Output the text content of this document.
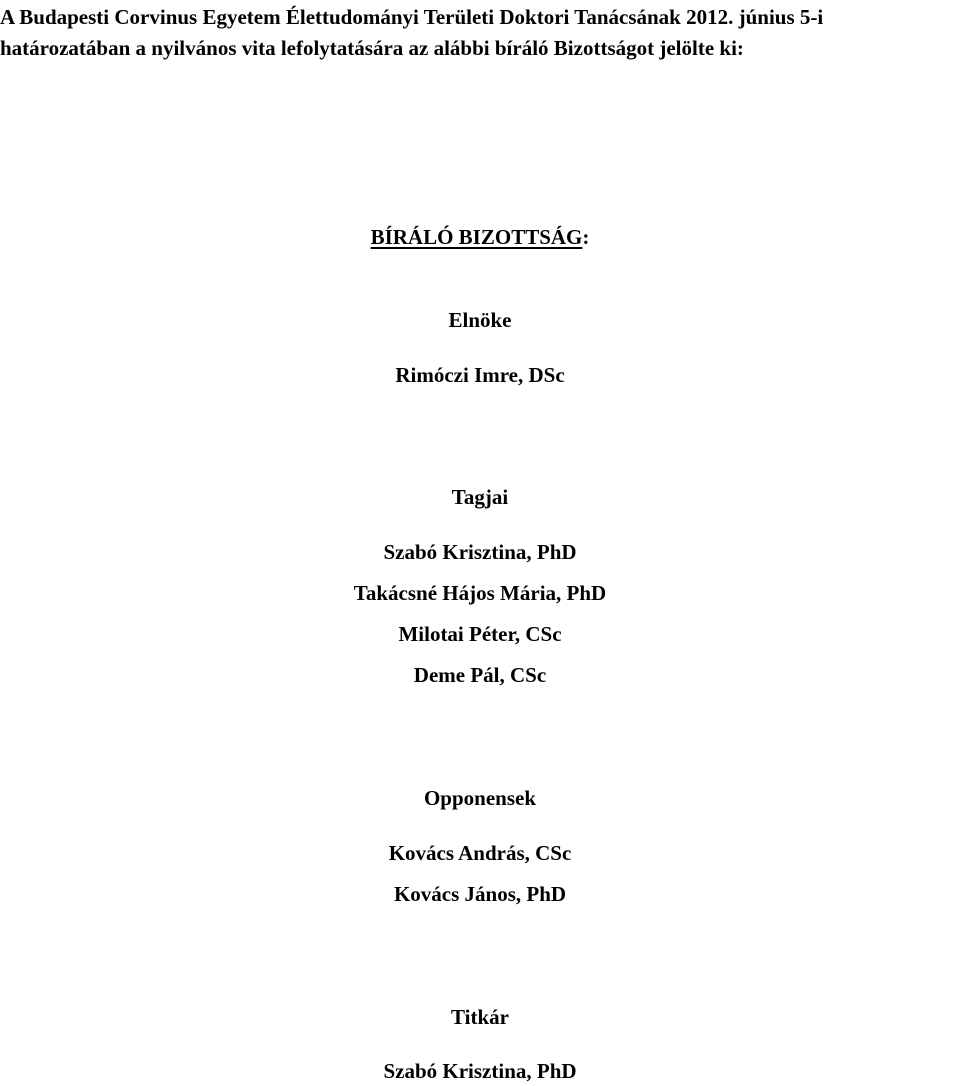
A Budapesti Corvinus Egyetem Élettudományi Területi Doktori Tanácsának 2012. június 5-i
határozatában a nyilvános vita lefolytatására az alábbi bíráló Bizottságot jelölte ki:

BÍRÁLÓ BIZOTTSÁG:

Elnöke

Rimóczi Imre, DSc

Tagjai

Szabó Krisztina, PhD

Takácsné Hájos Mária, PhD

Milotai Péter, CSc

Deme Pál, CSc

Opponensek

Kovács András, CSc

Kovács János, PhD

Titkár

Szabó Krisztina, PhD
